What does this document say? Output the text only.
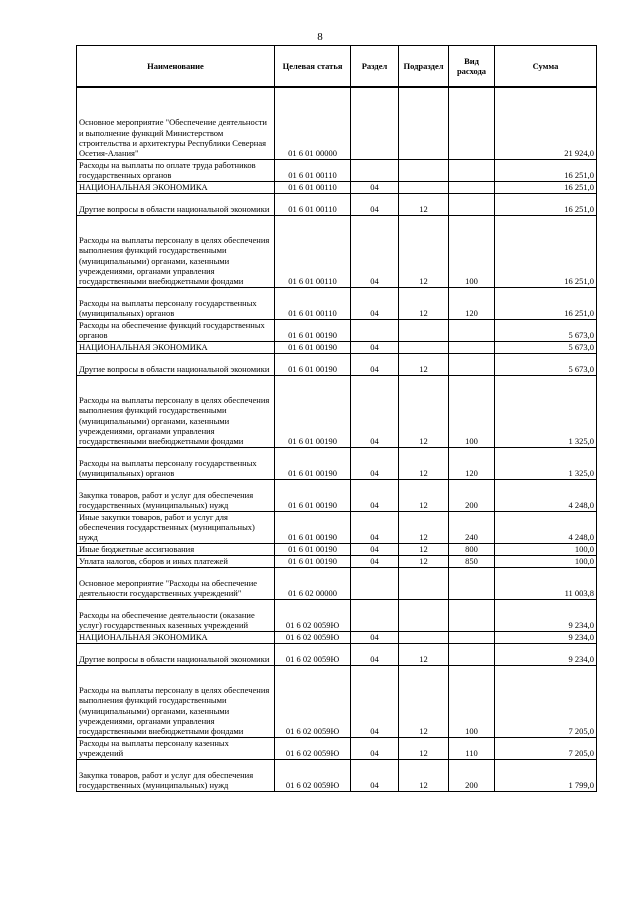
8
Наименование	Целевая статья	Раздел	Подраздел	Вид расхода	Сумма
Основное мероприятие "Обеспечение деятельности и выполнение функций Министерством строительства и архитектуры Республики Северная Осетия-Алания"	01 6 01 00000				21 924,0
Расходы на выплаты по оплате труда работников государственных органов	01 6 01 00110				16 251,0
НАЦИОНАЛЬНАЯ ЭКОНОМИКА	01 6 01 00110	04			16 251,0
Другие вопросы в области национальной экономики	01 6 01 00110	04	12		16 251,0
Расходы на выплаты персоналу в целях обеспечения выполнения функций государственными (муниципальными) органами, казенными учреждениями, органами управления государственными внебюджетными фондами	01 6 01 00110	04	12	100	16 251,0
Расходы на выплаты персоналу государственных (муниципальных) органов	01 6 01 00110	04	12	120	16 251,0
Расходы на обеспечение функций государственных органов	01 6 01 00190				5 673,0
НАЦИОНАЛЬНАЯ ЭКОНОМИКА	01 6 01 00190	04			5 673,0
Другие вопросы в области национальной экономики	01 6 01 00190	04	12		5 673,0
Расходы на выплаты персоналу в целях обеспечения выполнения функций государственными (муниципальными) органами, казенными учреждениями, органами управления государственными внебюджетными фондами	01 6 01 00190	04	12	100	1 325,0
Расходы на выплаты персоналу государственных (муниципальных) органов	01 6 01 00190	04	12	120	1 325,0
Закупка товаров, работ и услуг для обеспечения государственных (муниципальных) нужд	01 6 01 00190	04	12	200	4 248,0
Иные закупки товаров, работ и услуг для обеспечения государственных (муниципальных) нужд	01 6 01 00190	04	12	240	4 248,0
Иные бюджетные ассигнования	01 6 01 00190	04	12	800	100,0
Уплата налогов, сборов и иных платежей	01 6 01 00190	04	12	850	100,0
Основное мероприятие "Расходы на обеспечение деятельности государственных учреждений"	01 6 02 00000				11 003,8
Расходы на обеспечение деятельности (оказание услуг) государственных казенных учреждений	01 6 02 0059Ю				9 234,0
НАЦИОНАЛЬНАЯ ЭКОНОМИКА	01 6 02 0059Ю	04			9 234,0
Другие вопросы в области национальной экономики	01 6 02 0059Ю	04	12		9 234,0
Расходы на выплаты персоналу в целях обеспечения выполнения функций государственными (муниципальными) органами, казенными учреждениями, органами управления государственными внебюджетными фондами	01 6 02 0059Ю	04	12	100	7 205,0
Расходы на выплаты персоналу казенных учреждений	01 6 02 0059Ю	04	12	110	7 205,0
Закупка товаров, работ и услуг для обеспечения государственных (муниципальных) нужд	01 6 02 0059Ю	04	12	200	1 799,0
